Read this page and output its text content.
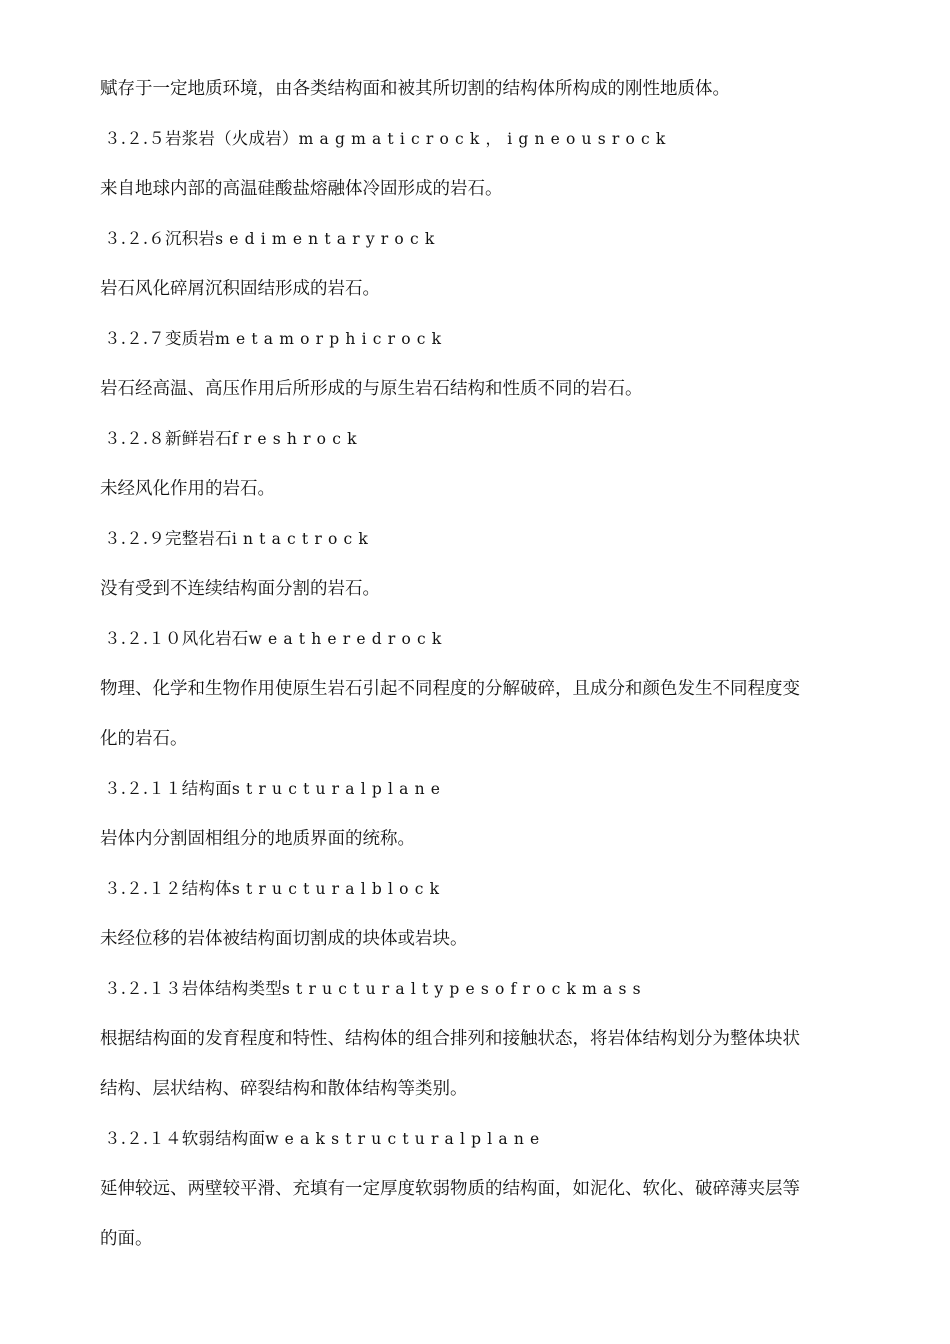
赋存于一定地质环境，由各类结构面和被其所切割的结构体所构成的刚性地质体。
３.２.５岩浆岩（火成岩）magmaticrock，igneousrock
来自地球内部的高温硅酸盐熔融体冷固形成的岩石。
３.２.６沉积岩sedimentaryrock
岩石风化碎屑沉积固结形成的岩石。
３.２.７变质岩metamorphicrock
岩石经高温、高压作用后所形成的与原生岩石结构和性质不同的岩石。
３.２.８新鲜岩石freshrock
未经风化作用的岩石。
３.２.９完整岩石intactrock
没有受到不连续结构面分割的岩石。
３.２.１０风化岩石weatheredrock
物理、化学和生物作用使原生岩石引起不同程度的分解破碎，且成分和颜色发生不同程度变
化的岩石。
３.２.１１结构面structuralplane
岩体内分割固相组分的地质界面的统称。
３.２.１２结构体structuralblock
未经位移的岩体被结构面切割成的块体或岩块。
３.２.１３岩体结构类型structuraltypesofrockmass
根据结构面的发育程度和特性、结构体的组合排列和接触状态，将岩体结构划分为整体块状
结构、层状结构、碎裂结构和散体结构等类别。
３.２.１４软弱结构面weakstructuralplane
延伸较远、两壁较平滑、充填有一定厚度软弱物质的结构面，如泥化、软化、破碎薄夹层等
的面。
